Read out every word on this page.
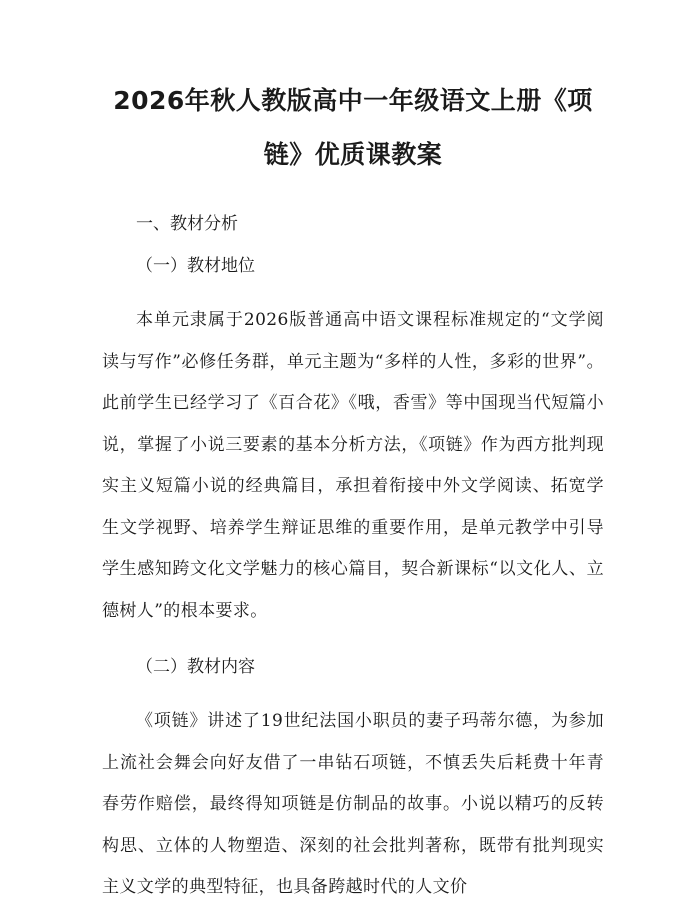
2026年秋人教版高中一年级语文上册《项链》优质课教案

一、教材分析

（一）教材地位

本单元隶属于2026版普通高中语文课程标准规定的“文学阅读与写作”必修任务群，单元主题为“多样的人性，多彩的世界”。此前学生已经学习了《百合花》《哦，香雪》等中国现当代短篇小说，掌握了小说三要素的基本分析方法，《项链》作为西方批判现实主义短篇小说的经典篇目，承担着衔接中外文学阅读、拓宽学生文学视野、培养学生辩证思维的重要作用，是单元教学中引导学生感知跨文化文学魅力的核心篇目，契合新课标“以文化人、立德树人”的根本要求。

（二）教材内容

《项链》讲述了19世纪法国小职员的妻子玛蒂尔德，为参加上流社会舞会向好友借了一串钻石项链，不慎丢失后耗费十年青春劳作赔偿，最终得知项链是仿制品的故事。小说以精巧的反转构思、立体的人物塑造、深刻的社会批判著称，既带有批判现实主义文学的典型特征，也具备跨越时代的人文价
